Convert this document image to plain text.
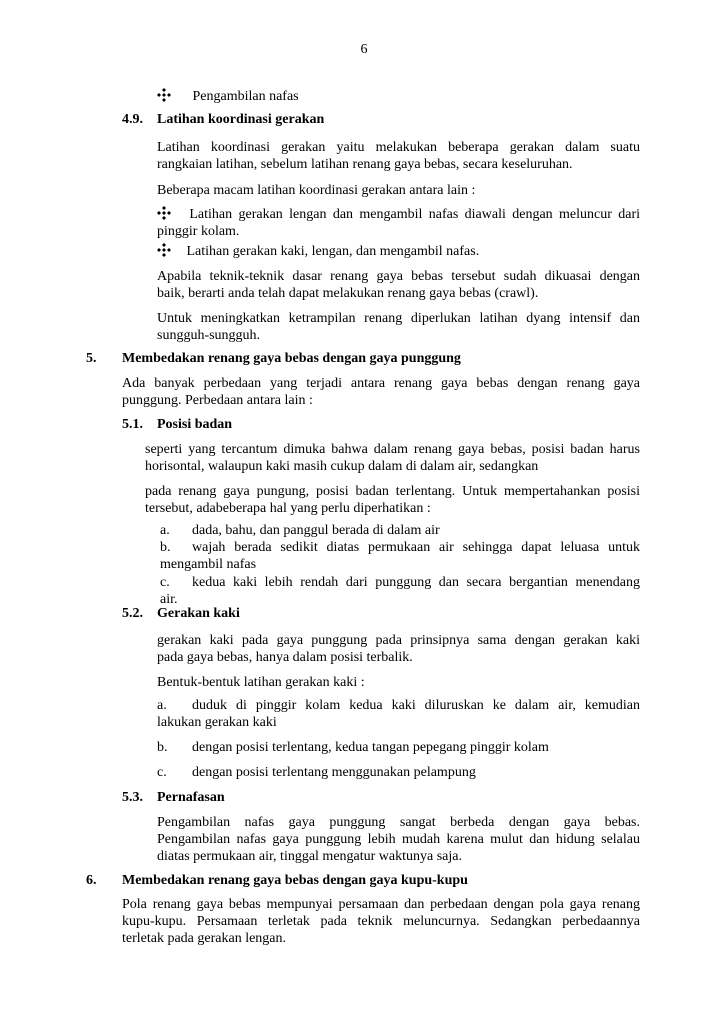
6
Pengambilan nafas
4.9. Latihan koordinasi gerakan
Latihan koordinasi gerakan yaitu melakukan beberapa gerakan dalam suatu
rangkaian latihan, sebelum latihan renang gaya bebas, secara keseluruhan.
Beberapa macam latihan koordinasi gerakan antara lain :
Latihan gerakan lengan dan mengambil nafas diawali dengan meluncur dari
pinggir kolam.
Latihan gerakan kaki, lengan, dan mengambil nafas.
Apabila teknik-teknik dasar renang gaya bebas tersebut sudah dikuasai dengan
baik, berarti anda telah dapat melakukan renang gaya bebas (crawl).
Untuk meningkatkan ketrampilan renang diperlukan latihan dyang intensif dan
sungguh-sungguh.
5. Membedakan renang gaya bebas dengan gaya punggung
Ada banyak perbedaan yang terjadi antara renang gaya bebas dengan renang gaya
punggung. Perbedaan antara lain :
5.1. Posisi badan
seperti yang tercantum dimuka bahwa dalam renang gaya bebas, posisi badan harus
horisontal, walaupun kaki masih cukup dalam di dalam air, sedangkan
pada renang gaya pungung, posisi badan terlentang. Untuk mempertahankan posisi
tersebut, adabeberapa hal yang perlu diperhatikan :
a. dada, bahu, dan panggul berada di dalam air
b. wajah berada sedikit diatas permukaan air sehingga dapat leluasa untuk
mengambil nafas
c. kedua kaki lebih rendah dari punggung dan secara bergantian menendang
air.
5.2. Gerakan kaki
gerakan kaki pada gaya punggung pada prinsipnya sama dengan gerakan kaki
pada gaya bebas, hanya dalam posisi terbalik.
Bentuk-bentuk latihan gerakan kaki :
a. duduk di pinggir kolam kedua kaki diluruskan ke dalam air, kemudian
lakukan gerakan kaki
b. dengan posisi terlentang, kedua tangan pepegang pinggir kolam
c. dengan posisi terlentang menggunakan pelampung
5.3. Pernafasan
Pengambilan nafas gaya punggung sangat berbeda dengan gaya bebas.
Pengambilan nafas gaya punggung lebih mudah karena mulut dan hidung selalau
diatas permukaan air, tinggal mengatur waktunya saja.
6. Membedakan renang gaya bebas dengan gaya kupu-kupu
Pola renang gaya bebas mempunyai persamaan dan perbedaan dengan pola gaya renang
kupu-kupu. Persamaan terletak pada teknik meluncurnya. Sedangkan perbedaannya
terletak pada gerakan lengan.
